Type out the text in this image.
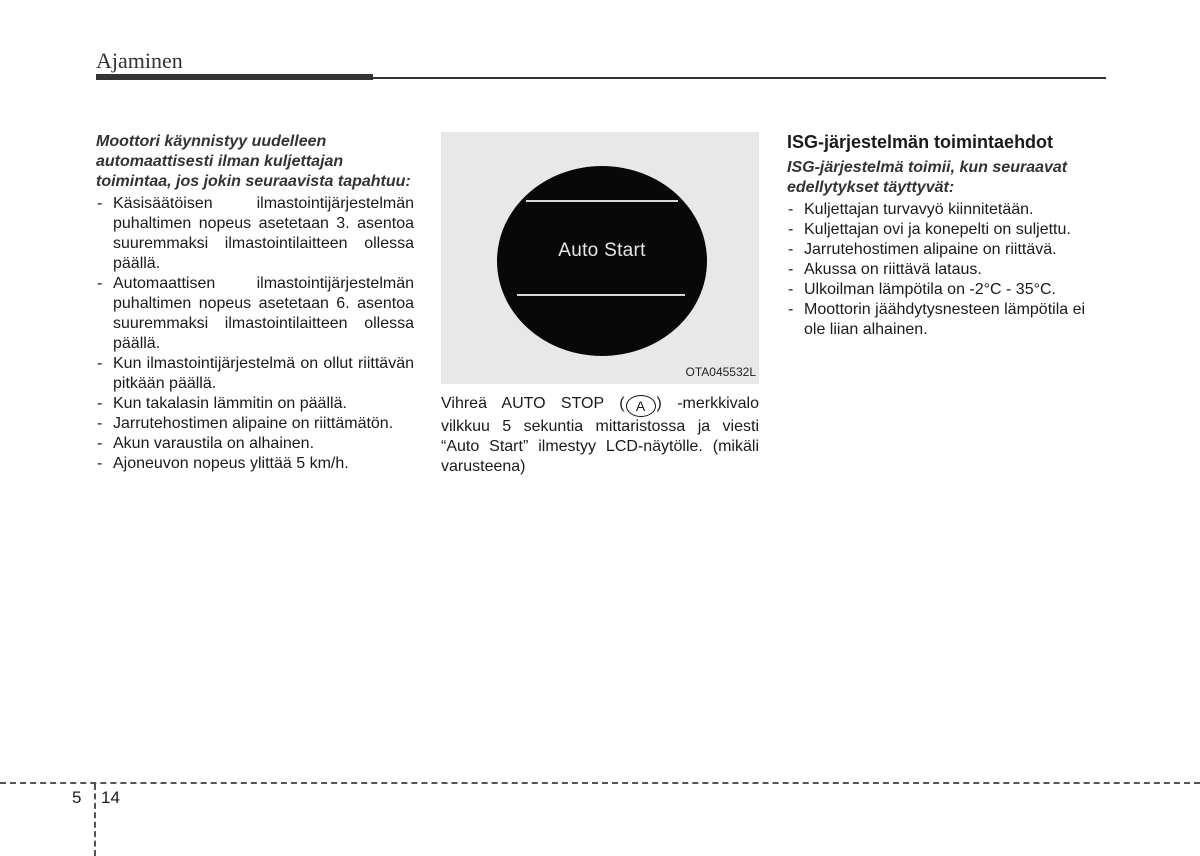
Ajaminen
Moottori käynnistyy uudelleen automaattisesti ilman kuljettajan toimintaa, jos jokin seuraavista tapahtuu:
- Käsisäätöisen ilmastointijärjestelmän puhaltimen nopeus asetetaan 3. asentoa suuremmaksi ilmastointilaitteen ollessa päällä.
- Automaattisen ilmastointijärjestelmän puhaltimen nopeus asetetaan 6. asentoa suuremmaksi ilmastointilaitteen ollessa päällä.
- Kun ilmastointijärjestelmä on ollut riittävän pitkään päällä.
- Kun takalasin lämmitin on päällä.
- Jarrutehostimen alipaine on riittämätön.
- Akun varaustila on alhainen.
- Ajoneuvon nopeus ylittää 5 km/h.
Auto Start
OTA045532L
Vihreä AUTO STOP ( A ) -merkkivalo vilkkuu 5 sekuntia mittaristossa ja viesti “Auto Start” ilmestyy LCD-näytölle. (mikäli varusteena)
ISG-järjestelmän toimintaehdot
ISG-järjestelmä toimii, kun seuraavat edellytykset täyttyvät:
- Kuljettajan turvavyö kiinnitetään.
- Kuljettajan ovi ja konepelti on suljettu.
- Jarrutehostimen alipaine on riittävä.
- Akussa on riittävä lataus.
- Ulkoilman lämpötila on -2°C - 35°C.
- Moottorin jäähdytysnesteen lämpötila ei ole liian alhainen.
5 14
